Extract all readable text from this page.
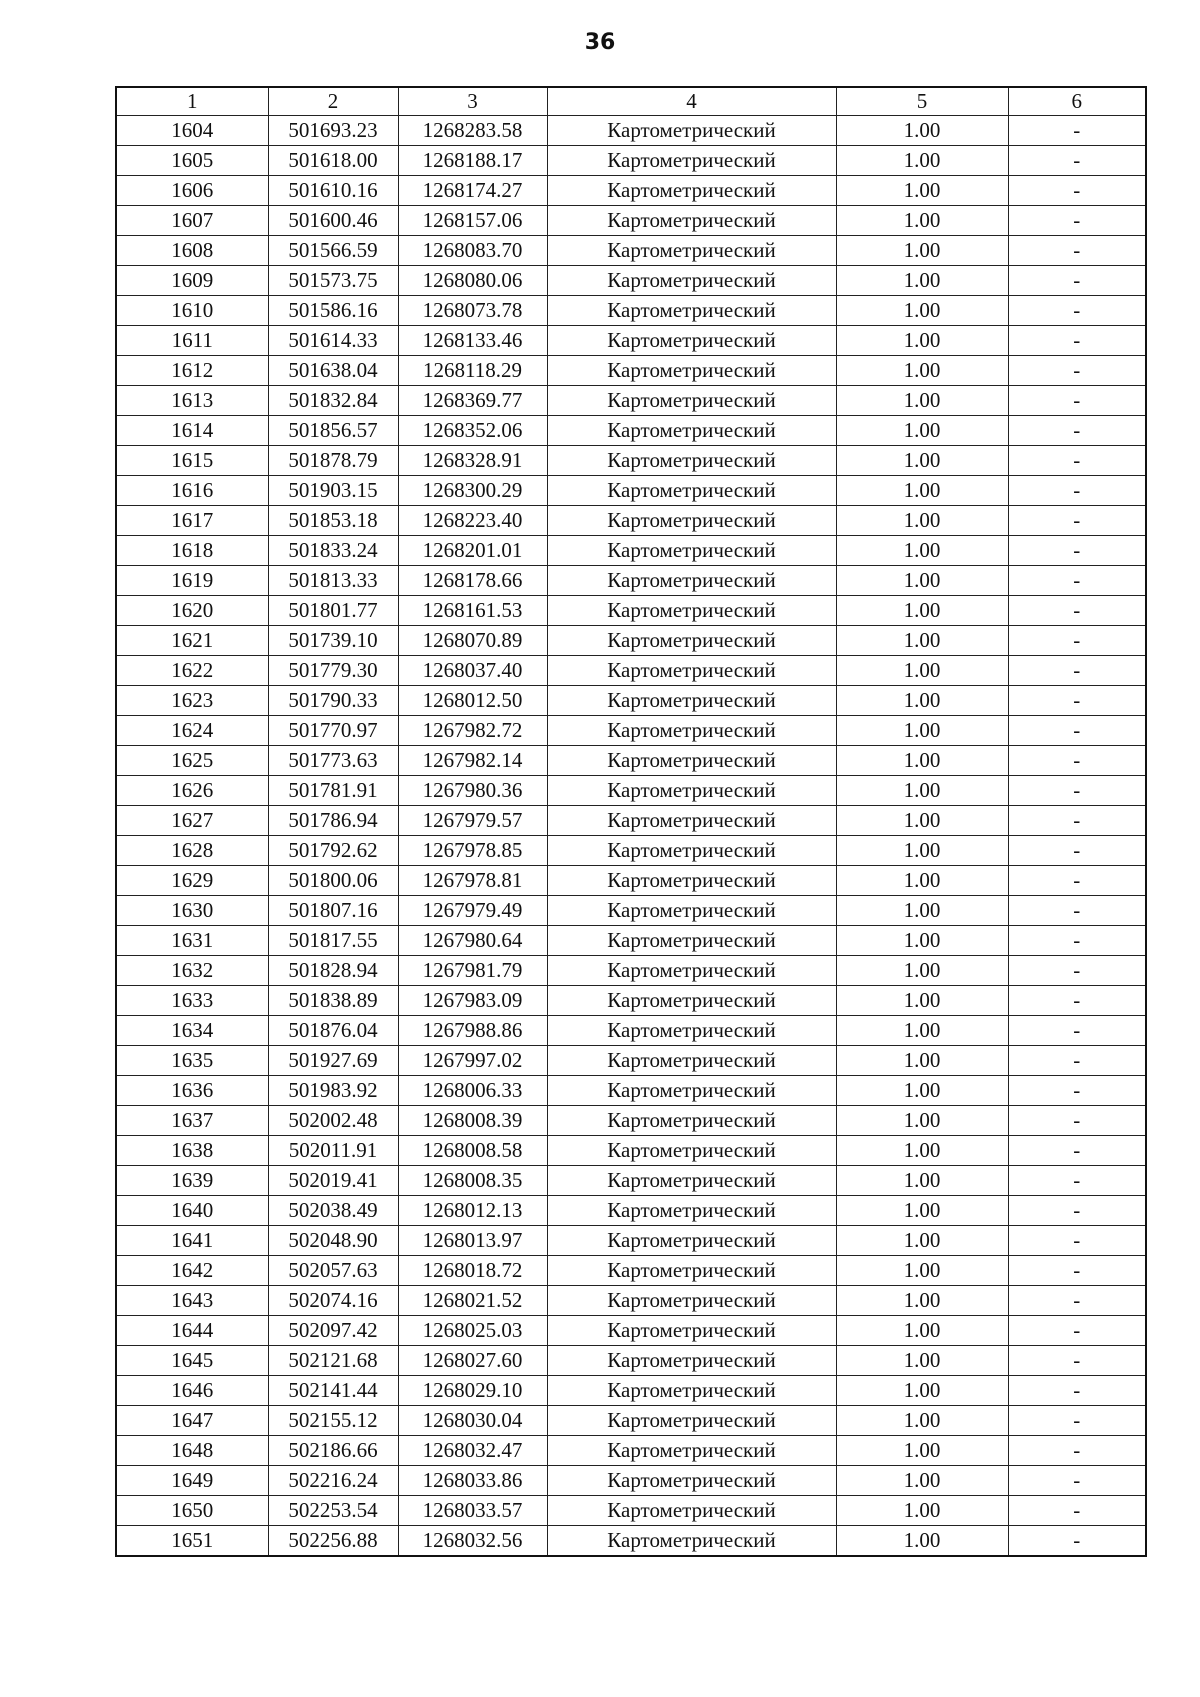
36
1	2	3	4	5	6
1604	501693.23	1268283.58	Картометрический	1.00	-
1605	501618.00	1268188.17	Картометрический	1.00	-
1606	501610.16	1268174.27	Картометрический	1.00	-
1607	501600.46	1268157.06	Картометрический	1.00	-
1608	501566.59	1268083.70	Картометрический	1.00	-
1609	501573.75	1268080.06	Картометрический	1.00	-
1610	501586.16	1268073.78	Картометрический	1.00	-
1611	501614.33	1268133.46	Картометрический	1.00	-
1612	501638.04	1268118.29	Картометрический	1.00	-
1613	501832.84	1268369.77	Картометрический	1.00	-
1614	501856.57	1268352.06	Картометрический	1.00	-
1615	501878.79	1268328.91	Картометрический	1.00	-
1616	501903.15	1268300.29	Картометрический	1.00	-
1617	501853.18	1268223.40	Картометрический	1.00	-
1618	501833.24	1268201.01	Картометрический	1.00	-
1619	501813.33	1268178.66	Картометрический	1.00	-
1620	501801.77	1268161.53	Картометрический	1.00	-
1621	501739.10	1268070.89	Картометрический	1.00	-
1622	501779.30	1268037.40	Картометрический	1.00	-
1623	501790.33	1268012.50	Картометрический	1.00	-
1624	501770.97	1267982.72	Картометрический	1.00	-
1625	501773.63	1267982.14	Картометрический	1.00	-
1626	501781.91	1267980.36	Картометрический	1.00	-
1627	501786.94	1267979.57	Картометрический	1.00	-
1628	501792.62	1267978.85	Картометрический	1.00	-
1629	501800.06	1267978.81	Картометрический	1.00	-
1630	501807.16	1267979.49	Картометрический	1.00	-
1631	501817.55	1267980.64	Картометрический	1.00	-
1632	501828.94	1267981.79	Картометрический	1.00	-
1633	501838.89	1267983.09	Картометрический	1.00	-
1634	501876.04	1267988.86	Картометрический	1.00	-
1635	501927.69	1267997.02	Картометрический	1.00	-
1636	501983.92	1268006.33	Картометрический	1.00	-
1637	502002.48	1268008.39	Картометрический	1.00	-
1638	502011.91	1268008.58	Картометрический	1.00	-
1639	502019.41	1268008.35	Картометрический	1.00	-
1640	502038.49	1268012.13	Картометрический	1.00	-
1641	502048.90	1268013.97	Картометрический	1.00	-
1642	502057.63	1268018.72	Картометрический	1.00	-
1643	502074.16	1268021.52	Картометрический	1.00	-
1644	502097.42	1268025.03	Картометрический	1.00	-
1645	502121.68	1268027.60	Картометрический	1.00	-
1646	502141.44	1268029.10	Картометрический	1.00	-
1647	502155.12	1268030.04	Картометрический	1.00	-
1648	502186.66	1268032.47	Картометрический	1.00	-
1649	502216.24	1268033.86	Картометрический	1.00	-
1650	502253.54	1268033.57	Картометрический	1.00	-
1651	502256.88	1268032.56	Картометрический	1.00	-
